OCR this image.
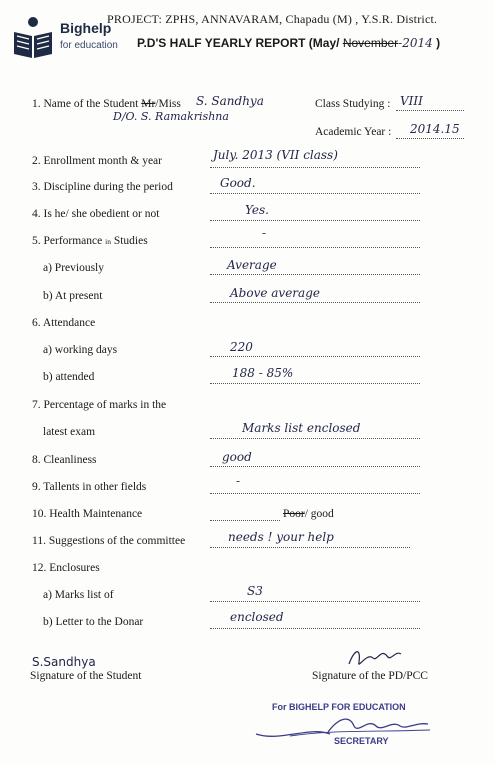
Bighelp
for education
PROJECT: ZPHS, ANNAVARAM, Chapadu (M) , Y.S.R. District.
P.D'S HALF YEARLY REPORT (May/ November-2014 )
1. Name of the Student Mr/Miss S. Sandhya
D/O. S. Ramakrishna
Class Studying : VIII
Academic Year : 2014.15
2. Enrollment month & year	July. 2013 (VII class)
3. Discipline during the period	Good.
4. Is he/ she obedient or not	Yes.
5. Performance in Studies
-
a) Previously	Average
b) At present	Above average
6. Attendance
a) working days	220
b) attended	188 - 85%
7. Percentage of marks in the
latest exam	Marks list enclosed
8. Cleanliness	good
9. Tallents in other fields	-
10. Health Maintenance	Poor/ good
11. Suggestions of the committee	needs ! your help
12. Enclosures
a) Marks list of	S3
b) Letter to the Donar	enclosed
S.Sandhya
Signature of the Student	Signature of the PD/PCC
For BIGHELP FOR EDUCATION
SECRETARY
